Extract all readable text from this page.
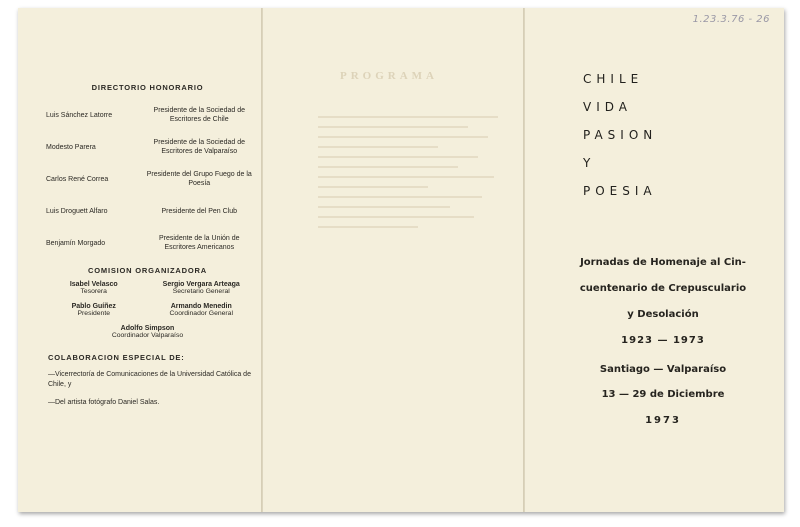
1.23.3.76 - 26
PROGRAMA
DIRECTORIO HONORARIO
Luis Sánchez Latorre
Presidente de la Sociedad de Escritores de Chile
Modesto Parera
Presidente de la Sociedad de Escritores de Valparaíso
Carlos René Correa
Presidente del Grupo Fuego de la Poesía
Luis Droguett Alfaro	Presidente del Pen Club
Benjamín Morgado
Presidente de la Unión de Escritores Americanos
COMISION ORGANIZADORA
Isabel Velasco
Tesorera
Sergio Vergara Arteaga
Secretario General
Pablo Guíñez
Presidente
Armando Menedin
Coordinador General
Adolfo Simpson
Coordinador Valparaíso
COLABORACION ESPECIAL DE:
—Vicerrectoría de Comunicaciones de la Universidad Católica de Chile, y
—Del artista fotógrafo Daniel Salas.
CHILE
VIDA
PASION
Y
POESIA
Jornadas de Homenaje al Cin-
cuentenario de Crepusculario
y Desolación
1923 — 1973
Santiago — Valparaíso
13 — 29 de Diciembre
1973
